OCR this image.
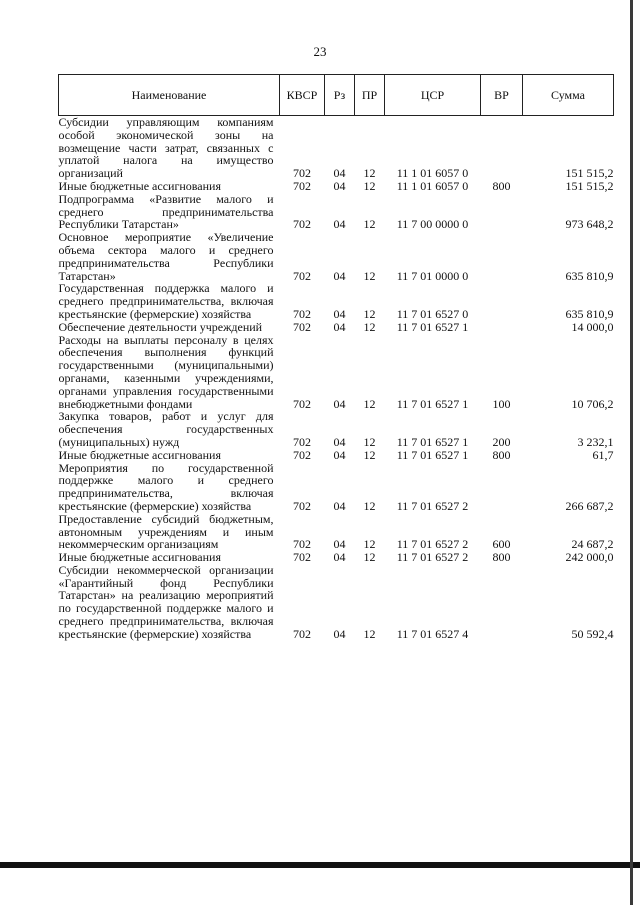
23
Наименование	КВСР	Рз	ПР	ЦСР	ВР	Сумма
Субсидии управляющим компаниям особой экономической зоны на возмещение части затрат, связанных с уплатой налога на имущество организаций	702	04	12	11 1 01 6057 0		151 515,2
Иные бюджетные ассигнования	702	04	12	11 1 01 6057 0	800	151 515,2
Подпрограмма «Развитие малого и среднего предпринимательства Республики Татарстан»	702	04	12	11 7 00 0000 0		973 648,2
Основное мероприятие «Увеличение объема сектора малого и среднего предпринимательства Республики Татарстан»	702	04	12	11 7 01 0000 0		635 810,9
Государственная поддержка малого и среднего предпринимательства, включая крестьянские (фермерские) хозяйства	702	04	12	11 7 01 6527 0		635 810,9
Обеспечение деятельности учреждений	702	04	12	11 7 01 6527 1		14 000,0
Расходы на выплаты персоналу в целях обеспечения выполнения функций государственными (муниципальными) органами, казенными учреждениями, органами управления государственными внебюджетными фондами	702	04	12	11 7 01 6527 1	100	10 706,2
Закупка товаров, работ и услуг для обеспечения государственных (муниципальных) нужд	702	04	12	11 7 01 6527 1	200	3 232,1
Иные бюджетные ассигнования	702	04	12	11 7 01 6527 1	800	61,7
Мероприятия по государственной поддержке малого и среднего предпринимательства, включая крестьянские (фермерские) хозяйства	702	04	12	11 7 01 6527 2		266 687,2
Предоставление субсидий бюджетным, автономным учреждениям и иным некоммерческим организациям	702	04	12	11 7 01 6527 2	600	24 687,2
Иные бюджетные ассигнования	702	04	12	11 7 01 6527 2	800	242 000,0
Субсидии некоммерческой организации «Гарантийный фонд Республики Татарстан» на реализацию мероприятий по государственной поддержке малого и среднего предпринимательства, включая крестьянские (фермерские) хозяйства	702	04	12	11 7 01 6527 4		50 592,4
